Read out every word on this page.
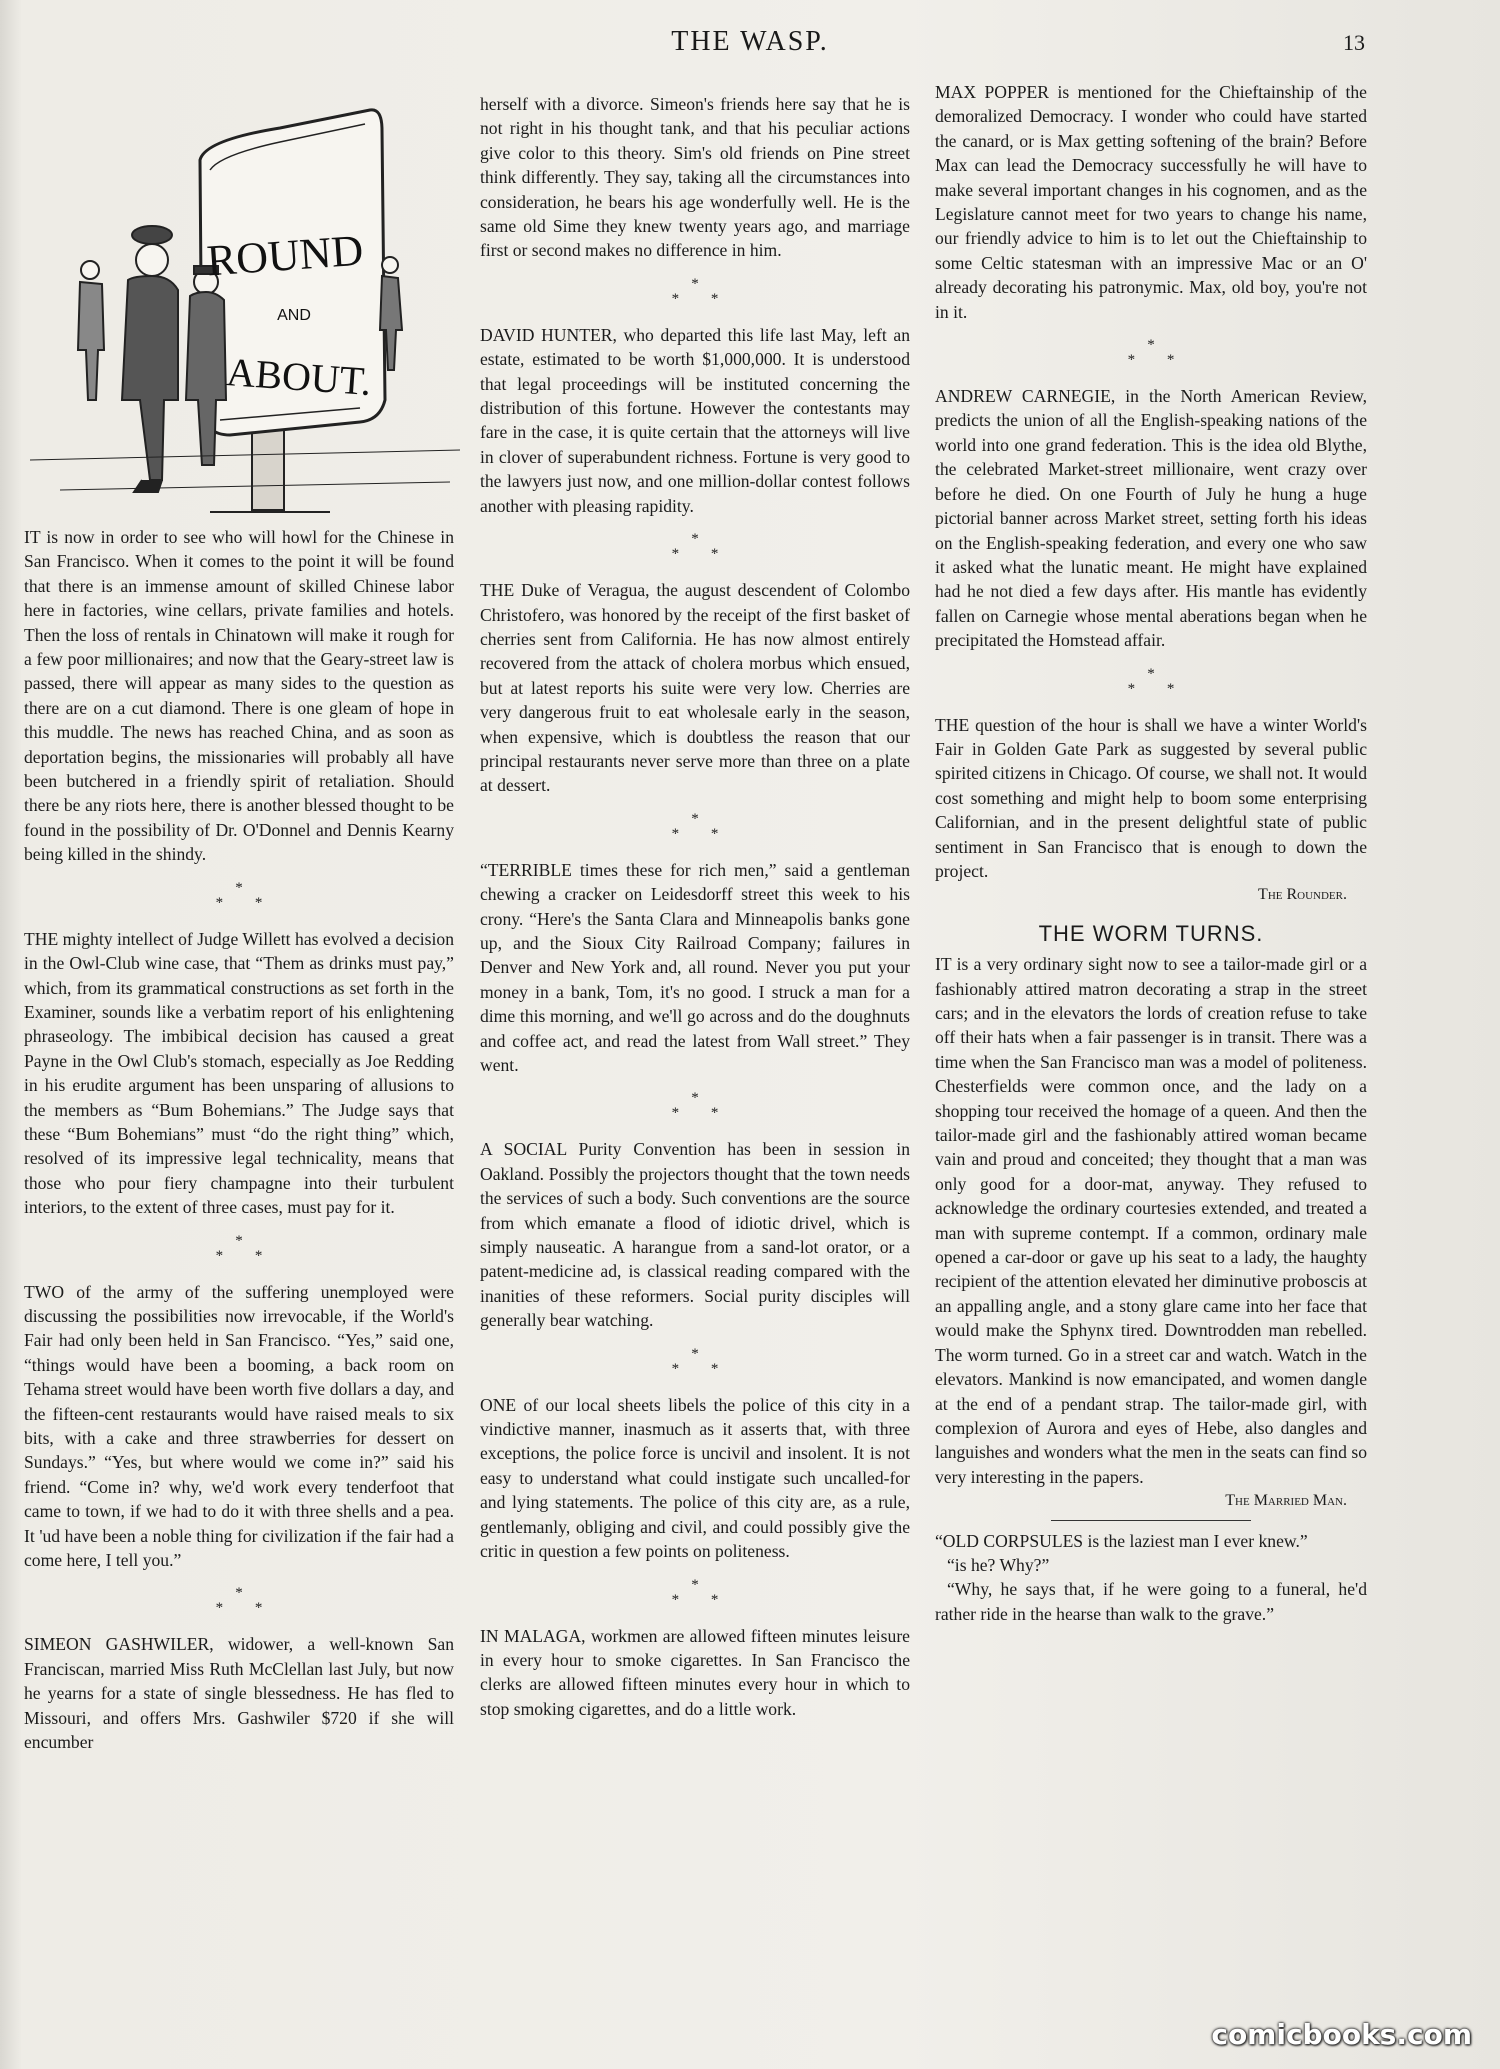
THE WASP.	13
ROUND
AND
ABOUT.

IT is now in order to see who will howl for the Chinese in San Francisco. When it comes to the point it will be found that there is an immense amount of skilled Chinese labor here in factories, wine cellars, private families and hotels. Then the loss of rentals in Chinatown will make it rough for a few poor millionaires; and now that the Geary-street law is passed, there will appear as many sides to the question as there are on a cut diamond. There is one gleam of hope in this muddle. The news has reached China, and as soon as deportation begins, the missionaries will probably all have been butchered in a friendly spirit of retaliation. Should there be any riots here, there is another blessed thought to be found in the possibility of Dr. O'Donnel and Dennis Kearny being killed in the shindy.

*
* *

THE mighty intellect of Judge Willett has evolved a decision in the Owl-Club wine case, that “Them as drinks must pay,” which, from its grammatical constructions as set forth in the Examiner, sounds like a verbatim report of his enlightening phraseology. The imbibical decision has caused a great Payne in the Owl Club's stomach, especially as Joe Redding in his erudite argument has been unsparing of allusions to the members as “Bum Bohemians.” The Judge says that these “Bum Bohemians” must “do the right thing” which, resolved of its impressive legal technicality, means that those who pour fiery champagne into their turbulent interiors, to the extent of three cases, must pay for it.

*
* *

TWO of the army of the suffering unemployed were discussing the possibilities now irrevocable, if the World's Fair had only been held in San Francisco. “Yes,” said one, “things would have been a booming, a back room on Tehama street would have been worth five dollars a day, and the fifteen-cent restaurants would have raised meals to six bits, with a cake and three strawberries for dessert on Sundays.” “Yes, but where would we come in?” said his friend. “Come in? why, we'd work every tenderfoot that came to town, if we had to do it with three shells and a pea. It 'ud have been a noble thing for civilization if the fair had a come here, I tell you.”

*
* *

SIMEON GASHWILER, widower, a well-known San Franciscan, married Miss Ruth McClellan last July, but now he yearns for a state of single blessedness. He has fled to Missouri, and offers Mrs. Gashwiler $720 if she will encumber

herself with a divorce. Simeon's friends here say that he is not right in his thought tank, and that his peculiar actions give color to this theory. Sim's old friends on Pine street think differently. They say, taking all the circumstances into consideration, he bears his age wonderfully well. He is the same old Sime they knew twenty years ago, and marriage first or second makes no difference in him.

*
* *

DAVID HUNTER, who departed this life last May, left an estate, estimated to be worth $1,000,000. It is understood that legal proceedings will be instituted concerning the distribution of this fortune. However the contestants may fare in the case, it is quite certain that the attorneys will live in clover of superabundent richness. Fortune is very good to the lawyers just now, and one million-dollar contest follows another with pleasing rapidity.

*
* *

THE Duke of Veragua, the august descendent of Colombo Christofero, was honored by the receipt of the first basket of cherries sent from California. He has now almost entirely recovered from the attack of cholera morbus which ensued, but at latest reports his suite were very low. Cherries are very dangerous fruit to eat wholesale early in the season, when expensive, which is doubtless the reason that our principal restaurants never serve more than three on a plate at dessert.

*
* *

“TERRIBLE times these for rich men,” said a gentleman chewing a cracker on Leidesdorff street this week to his crony. “Here's the Santa Clara and Minneapolis banks gone up, and the Sioux City Railroad Company; failures in Denver and New York and, all round. Never you put your money in a bank, Tom, it's no good. I struck a man for a dime this morning, and we'll go across and do the doughnuts and coffee act, and read the latest from Wall street.” They went.

*
* *

A SOCIAL Purity Convention has been in session in Oakland. Possibly the projectors thought that the town needs the services of such a body. Such conventions are the source from which emanate a flood of idiotic drivel, which is simply nauseatic. A harangue from a sand-lot orator, or a patent-medicine ad, is classical reading compared with the inanities of these reformers. Social purity disciples will generally bear watching.

*
* *

ONE of our local sheets libels the police of this city in a vindictive manner, inasmuch as it asserts that, with three exceptions, the police force is uncivil and insolent. It is not easy to understand what could instigate such uncalled-for and lying statements. The police of this city are, as a rule, gentlemanly, obliging and civil, and could possibly give the critic in question a few points on politeness.

*
* *

IN MALAGA, workmen are allowed fifteen minutes leisure in every hour to smoke cigarettes. In San Francisco the clerks are allowed fifteen minutes every hour in which to stop smoking cigarettes, and do a little work.

MAX POPPER is mentioned for the Chieftainship of the demoralized Democracy. I wonder who could have started the canard, or is Max getting softening of the brain? Before Max can lead the Democracy successfully he will have to make several important changes in his cognomen, and as the Legislature cannot meet for two years to change his name, our friendly advice to him is to let out the Chieftainship to some Celtic statesman with an impressive Mac or an O' already decorating his patronymic. Max, old boy, you're not in it.

*
* *

ANDREW CARNEGIE, in the North American Review, predicts the union of all the English-speaking nations of the world into one grand federation. This is the idea old Blythe, the celebrated Market-street millionaire, went crazy over before he died. On one Fourth of July he hung a huge pictorial banner across Market street, setting forth his ideas on the English-speaking federation, and every one who saw it asked what the lunatic meant. He might have explained had he not died a few days after. His mantle has evidently fallen on Carnegie whose mental aberations began when he precipitated the Homstead affair.

*
* *

THE question of the hour is shall we have a winter World's Fair in Golden Gate Park as suggested by several public spirited citizens in Chicago. Of course, we shall not. It would cost something and might help to boom some enterprising Californian, and in the present delightful state of public sentiment in San Francisco that is enough to down the project.

The Rounder.

THE WORM TURNS.

IT is a very ordinary sight now to see a tailor-made girl or a fashionably attired matron decorating a strap in the street cars; and in the elevators the lords of creation refuse to take off their hats when a fair passenger is in transit. There was a time when the San Francisco man was a model of politeness. Chesterfields were common once, and the lady on a shopping tour received the homage of a queen. And then the tailor-made girl and the fashionably attired woman became vain and proud and conceited; they thought that a man was only good for a door-mat, anyway. They refused to acknowledge the ordinary courtesies extended, and treated a man with supreme contempt. If a common, ordinary male opened a car-door or gave up his seat to a lady, the haughty recipient of the attention elevated her diminutive proboscis at an appalling angle, and a stony glare came into her face that would make the Sphynx tired. Downtrodden man rebelled. The worm turned. Go in a street car and watch. Watch in the elevators. Mankind is now emancipated, and women dangle at the end of a pendant strap. The tailor-made girl, with complexion of Aurora and eyes of Hebe, also dangles and languishes and wonders what the men in the seats can find so very interesting in the papers.

The Married Man.

“OLD CORPSULES is the laziest man I ever knew.”

“is he? Why?”

“Why, he says that, if he were going to a funeral, he'd rather ride in the hearse than walk to the grave.”

comicbooks.com
